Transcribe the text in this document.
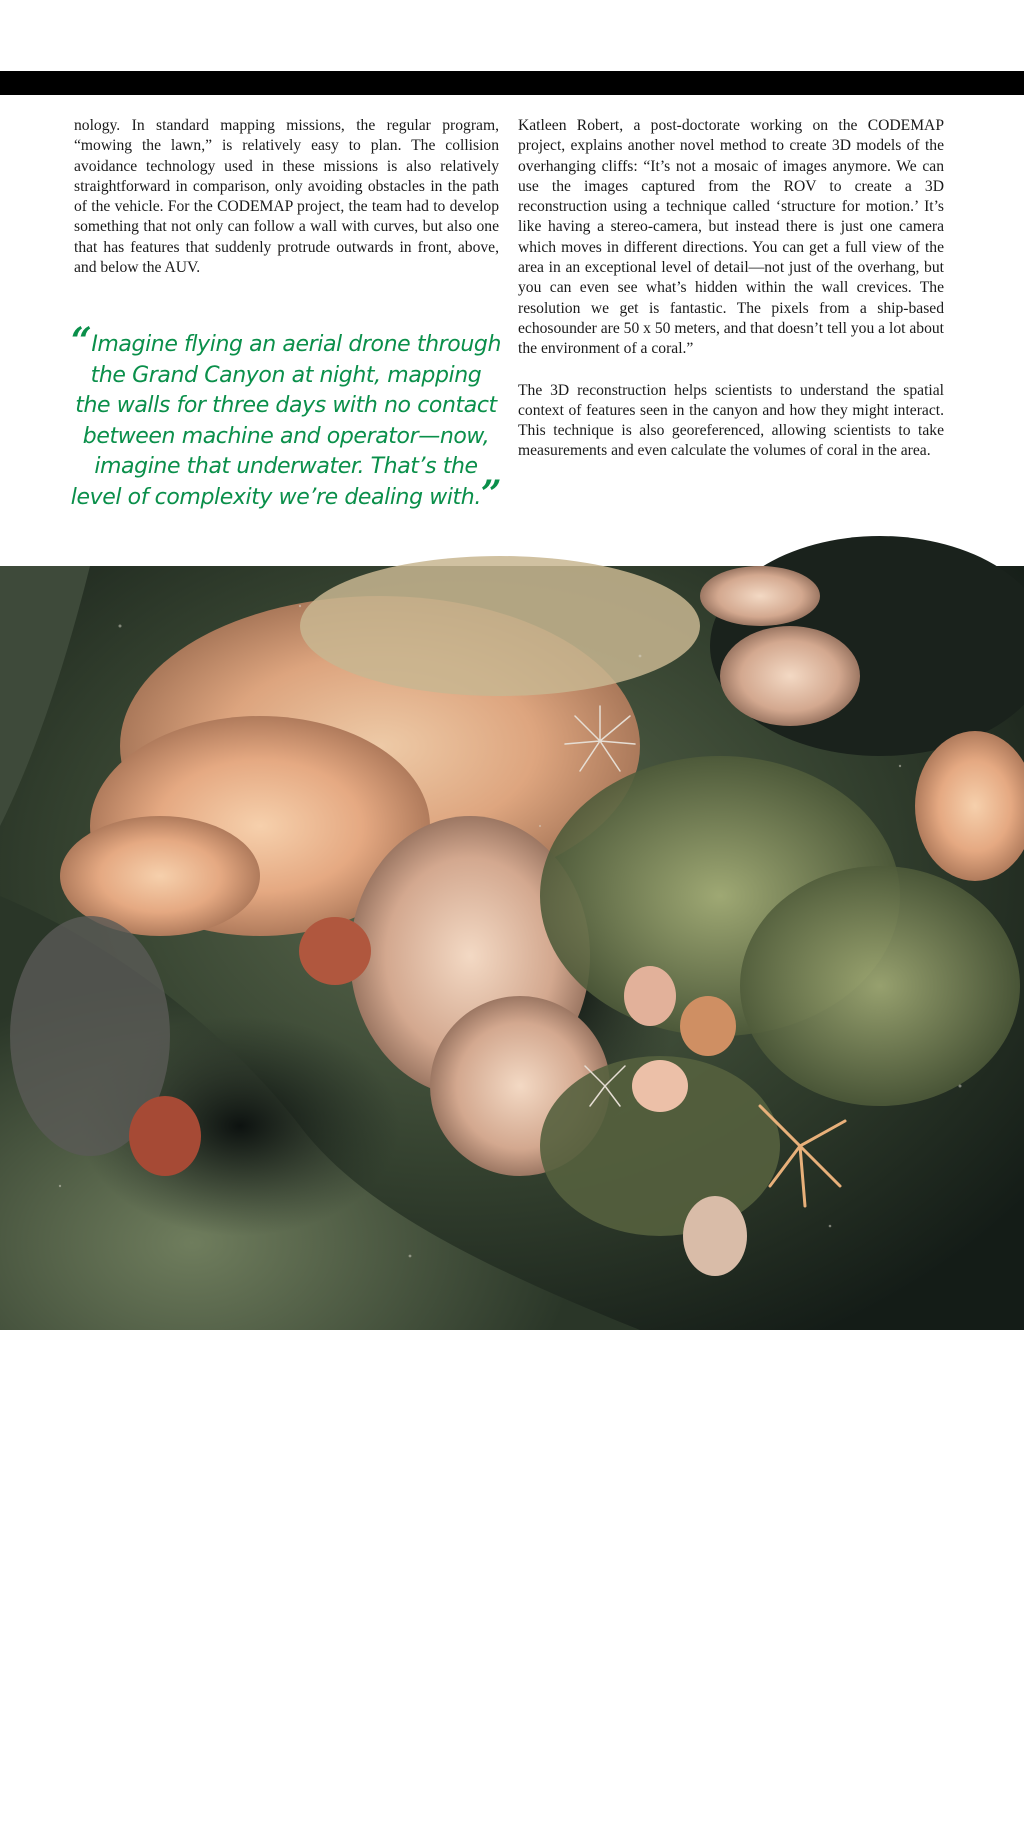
nology. In standard mapping missions, the regular program, “mowing the lawn,” is relatively easy to plan. The collision avoidance technology used in these missions is also relatively straightforward in comparison, only avoiding obstacles in the path of the vehicle. For the CODEMAP project, the team had to develop something that not only can follow a wall with curves, but also one that has features that suddenly protrude outwards in front, above, and below the AUV.

“Imagine flying an aerial drone through the Grand Canyon at night, mapping the walls for three days with no contact between machine and operator—now, imagine that underwater. That’s the level of complexity we’re dealing with.”

Katleen Robert, a post-doctorate working on the CODEMAP project, explains another novel method to create 3D models of the overhanging cliffs: “It’s not a mosaic of images anymore. We can use the images captured from the ROV to create a 3D reconstruction using a technique called ‘structure for motion.’ It’s like having a stereo-camera, but instead there is just one camera which moves in different directions. You can get a full view of the area in an exceptional level of detail—not just of the overhang, but you can even see what’s hidden within the wall crevices. The resolution we get is fantastic. The pixels from a ship-based echosounder are 50 x 50 meters, and that doesn’t tell you a lot about the environment of a coral.”

The 3D reconstruction helps scientists to understand the spatial context of features seen in the canyon and how they might interact. This technique is also georeferenced, allowing scientists to take measurements and even calculate the volumes of coral in the area.

eco MAY 2017 49
